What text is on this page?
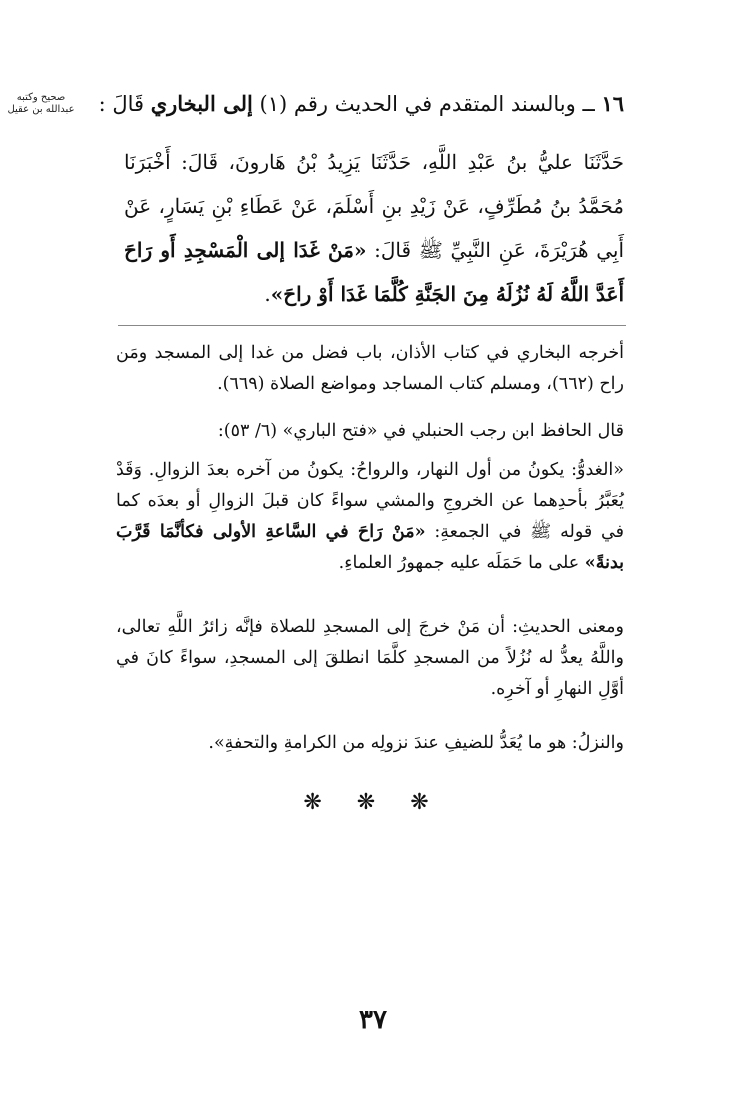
صحيح وكتبه عبدالله بن عقيل	١٦ ــ وبالسند المتقدم في الحديث رقم (١) إلى البخاري قَالَ :
حَدَّثَنَا عليُّ بنُ عَبْدِ اللَّهِ، حَدَّثَنَا يَزِيدُ بْنُ هَارونَ، قَالَ: أَخْبَرَنَا مُحَمَّدُ بنُ مُطَرِّفٍ، عَنْ زَيْدِ بنِ أَسْلَمَ، عَنْ عَطَاءِ بْنِ يَسَارٍ، عَنْ أَبِي هُرَيْرَةَ، عَنِ النَّبِيِّ ﷺ قَالَ: «مَنْ غَدَا إلى الْمَسْجِدِ أَو رَاحَ أَعَدَّ اللَّهُ لَهُ نُزُلَهُ مِنَ الجَنَّةِ كُلَّمَا غَدَا أَوْ راحَ».
أخرجه البخاري في كتاب الأذان، باب فضل من غدا إلى المسجد ومَن راح (٦٦٢)، ومسلم كتاب المساجد ومواضع الصلاة (٦٦٩).
قال الحافظ ابن رجب الحنبلي في «فتح الباري» (٦/ ٥٣):
«الغدوُّ: يكونُ من أول النهار، والرواحُ: يكونُ من آخره بعدَ الزوالِ. وَقَدْ يُعَبَّرُ بأحدِهما عن الخروجِ والمشي سواءً كان قبلَ الزوالِ أو بعدَه كما في قوله ﷺ في الجمعةِ: «مَنْ رَاحَ في السَّاعةِ الأولى فكأنَّمَا قَرَّبَ بدنةً» على ما حَمَلَه عليه جمهورُ العلماءِ.
ومعنى الحديثِ: أن مَنْ خرجَ إلى المسجدِ للصلاة فإنَّه زائرُ اللَّهِ تعالى، واللَّهُ يعدُّ له نُزُلاً من المسجدِ كلَّمَا انطلقَ إلى المسجدِ، سواءً كانَ في أوَّلِ النهارِ أو آخرِه.
والنزلُ: هو ما يُعَدُّ للضيفِ عندَ نزولِه من الكرامةِ والتحفةِ».
❋ ❋ ❋
٣٧
